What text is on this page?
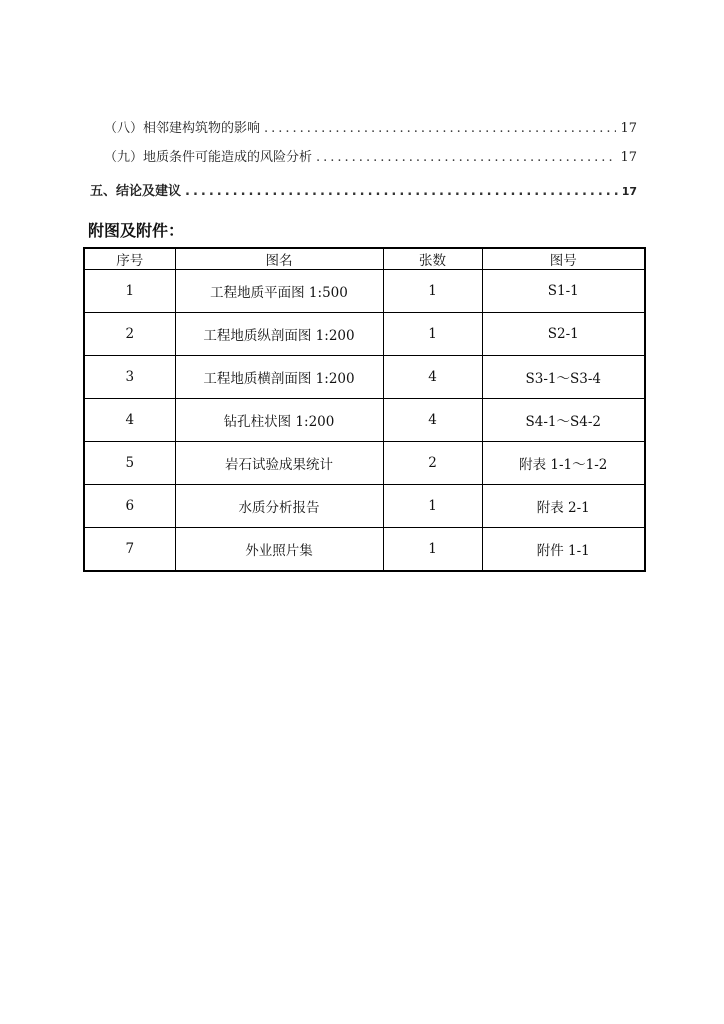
（八）相邻建构筑物的影响 .....	17
（九）地质条件可能造成的风险分析 .....	17
五、结论及建议 .....	17
附图及附件：
序号	图名	张数	图号
1	工程地质平面图 1:500	1	S1-1
2	工程地质纵剖面图 1:200	1	S2-1
3	工程地质横剖面图 1:200	4	S3-1～S3-4
4	钻孔柱状图 1:200	4	S4-1～S4-2
5	岩石试验成果统计	2	附表 1-1～1-2
6	水质分析报告	1	附表 2-1
7	外业照片集	1	附件 1-1
